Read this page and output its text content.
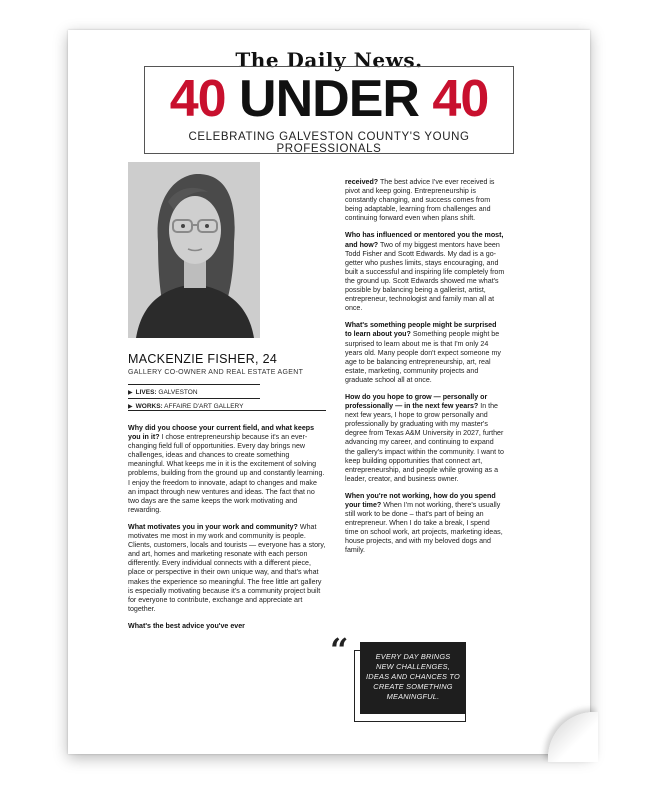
The Daily News.
40 UNDER 40
CELEBRATING GALVESTON COUNTY'S YOUNG PROFESSIONALS
MACKENZIE FISHER, 24
GALLERY CO-OWNER AND REAL ESTATE AGENT
▶ LIVES: GALVESTON
▶ WORKS: AFFAIRE D'ART GALLERY

Why did you choose your current field, and what keeps you in it? I chose entrepreneurship because it's an ever-changing field full of opportunities. Every day brings new challenges, ideas and chances to create something meaningful. What keeps me in it is the excitement of solving problems, building from the ground up and constantly learning. I enjoy the freedom to innovate, adapt to changes and make an impact through new ventures and ideas. The fact that no two days are the same keeps the work motivating and rewarding.

What motivates you in your work and community? What motivates me most in my work and community is people. Clients, customers, locals and tourists — everyone has a story, and art, homes and marketing resonate with each person differently. Every individual connects with a different piece, place or perspective in their own unique way, and that's what makes the experience so meaningful. The free little art gallery is especially motivating because it's a community project built for everyone to contribute, exchange and appreciate art together.

What's the best advice you've ever

received? The best advice I've ever received is pivot and keep going. Entrepreneurship is constantly changing, and success comes from being adaptable, learning from challenges and continuing forward even when plans shift.

Who has influenced or mentored you the most, and how? Two of my biggest mentors have been Todd Fisher and Scott Edwards. My dad is a go-getter who pushes limits, stays encouraging, and built a successful and inspiring life completely from the ground up. Scott Edwards showed me what's possible by balancing being a gallerist, artist, entrepreneur, technologist and family man all at once.

What's something people might be surprised to learn about you? Something people might be surprised to learn about me is that I'm only 24 years old. Many people don't expect someone my age to be balancing entrepreneurship, art, real estate, marketing, community projects and graduate school all at once.

How do you hope to grow — personally or professionally — in the next few years? In the next few years, I hope to grow personally and professionally by graduating with my master's degree from Texas A&M University in 2027, further advancing my career, and continuing to expand the gallery's impact within the community. I want to keep building opportunities that connect art, entrepreneurship, and people while growing as a leader, creator, and business owner.

When you're not working, how do you spend your time? When I'm not working, there's usually still work to be done – that's part of being an entrepreneur. When I do take a break, I spend time on school work, art projects, marketing ideas, house projects, and with my beloved dogs and family.

“	EVERY DAY BRINGS NEW CHALLENGES, IDEAS AND CHANCES TO CREATE SOMETHING MEANINGFUL.
